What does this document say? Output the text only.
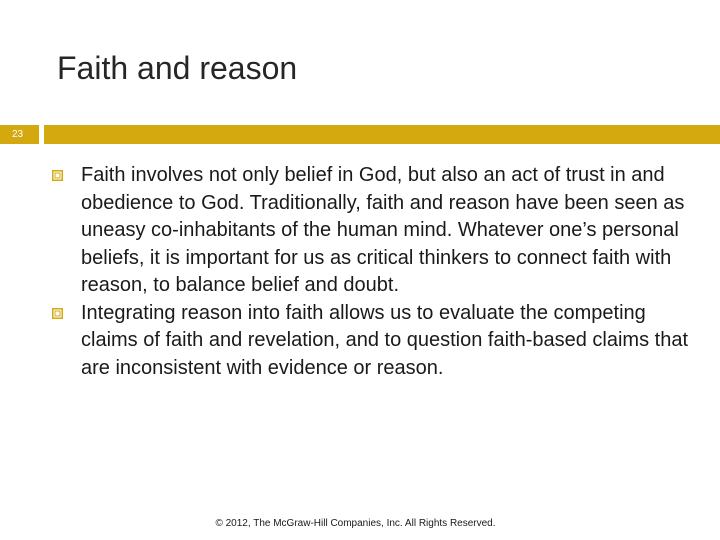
Faith and reason
23
Faith involves not only belief in God, but also an act of trust in and obedience to God. Traditionally, faith and reason have been seen as uneasy co-inhabitants of the human mind. Whatever one’s personal beliefs, it is important for us as critical thinkers to connect faith with reason, to balance belief and doubt.
Integrating reason into faith allows us to evaluate the competing claims of faith and revelation, and to question faith-based claims that are inconsistent with evidence or reason.
© 2012, The McGraw-Hill Companies, Inc. All Rights Reserved.
